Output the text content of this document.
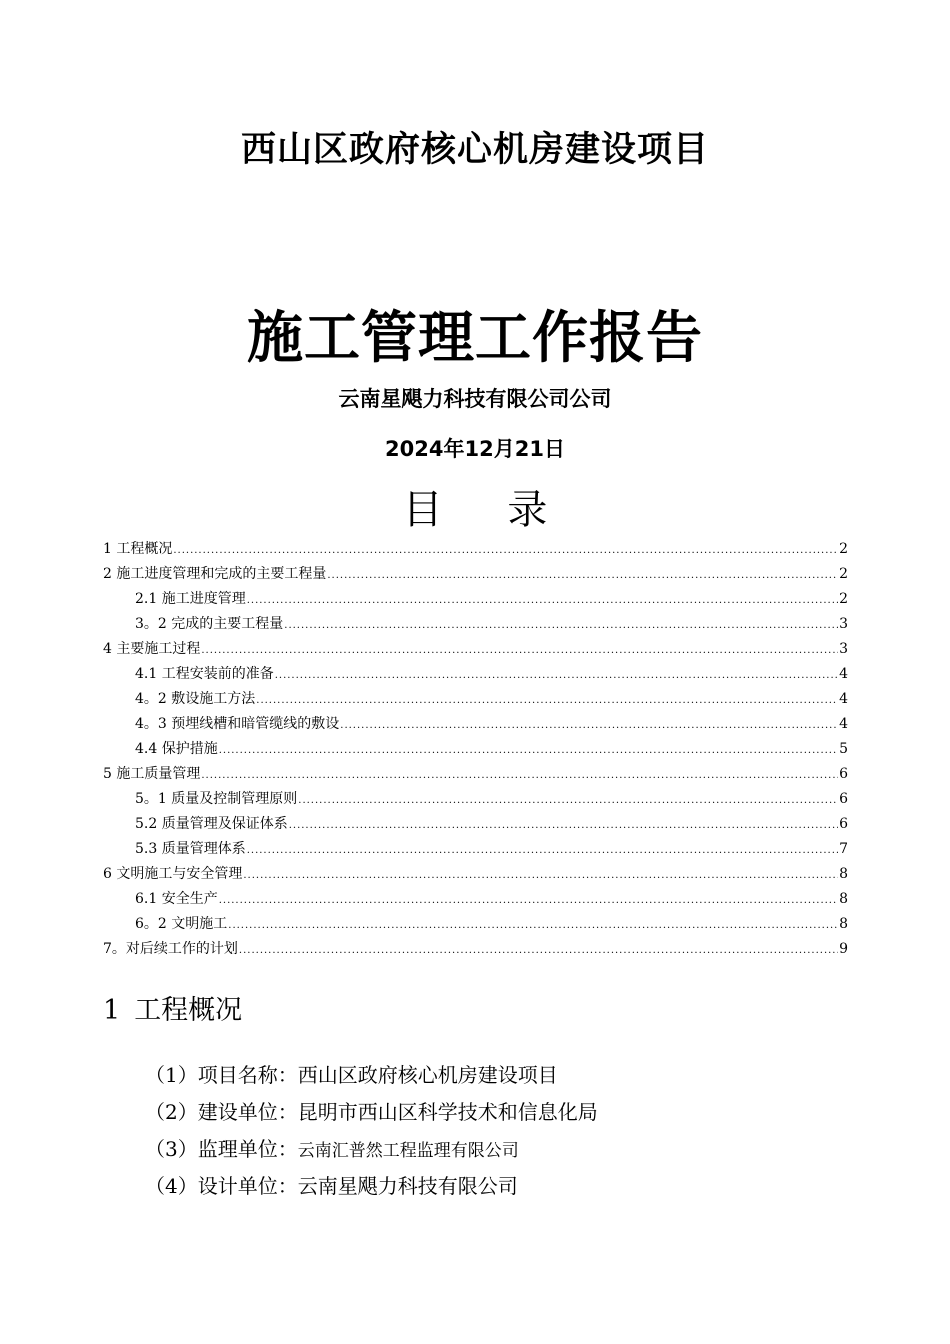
西山区政府核心机房建设项目
施工管理工作报告
云南星飓力科技有限公司公司
2024年12月21日
目 录
1 工程概况 .....	2
2 施工进度管理和完成的主要工程量 .....	2
2.1 施工进度管理 .....	2
3。2 完成的主要工程量 .....	3
4 主要施工过程 .....	3
4.1 工程安装前的准备 .....	4
4。2 敷设施工方法 .....	4
4。3 预埋线槽和暗管缆线的敷设 .....	4
4.4 保护措施 .....	5
5 施工质量管理 .....	6
5。1 质量及控制管理原则 .....	6
5.2 质量管理及保证体系 .....	6
5.3 质量管理体系 .....	7
6 文明施工与安全管理 .....	8
6.1 安全生产 .....	8
6。2 文明施工 .....	8
7。对后续工作的计划 .....	9
1 工程概况
（1）项目名称：西山区政府核心机房建设项目
（2）建设单位：昆明市西山区科学技术和信息化局
（3）监理单位：云南汇普然工程监理有限公司
（4）设计单位：云南星飓力科技有限公司
